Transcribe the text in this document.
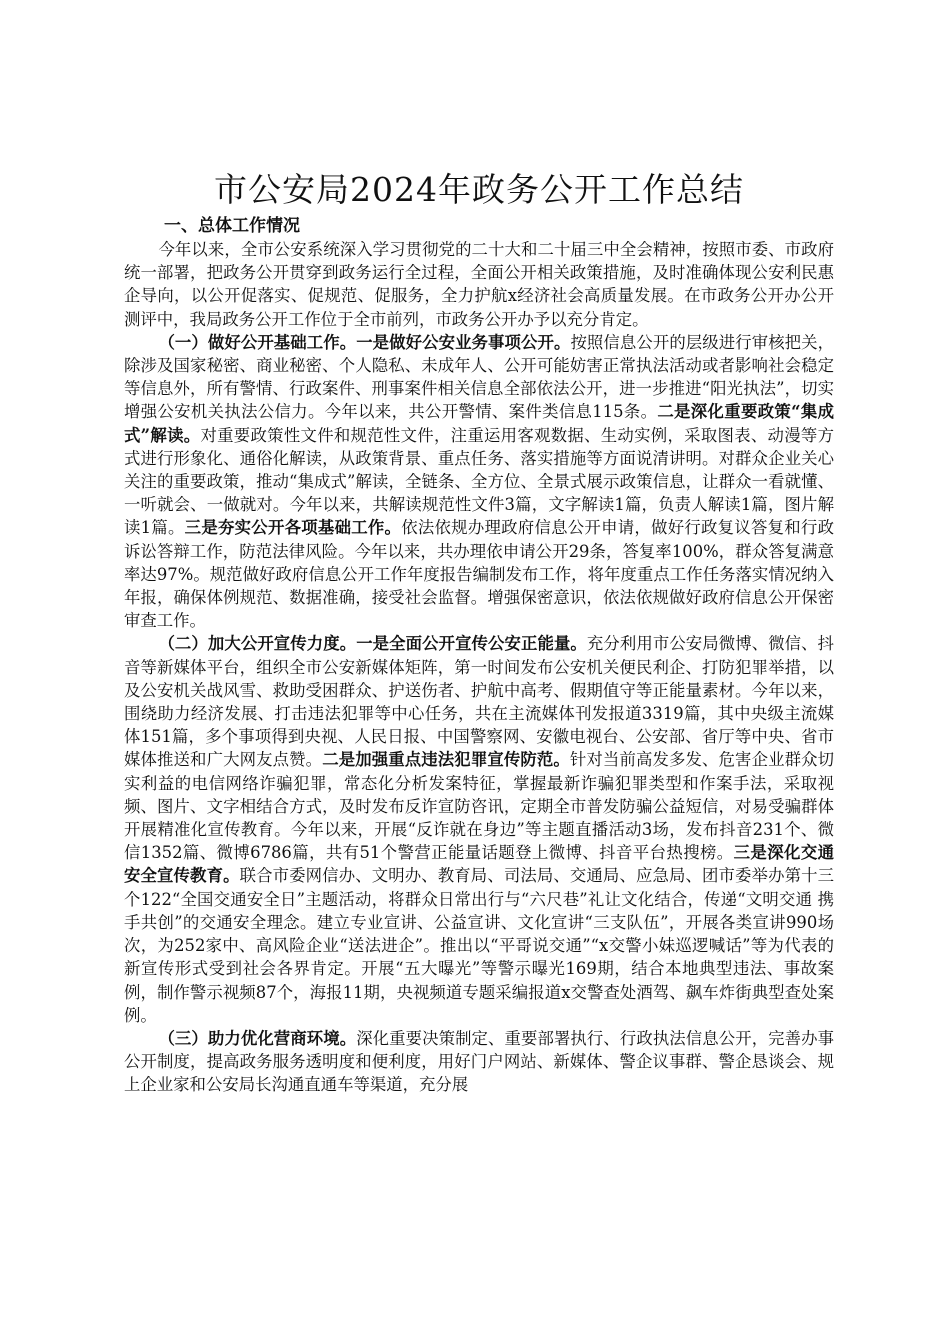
市公安局2024年政务公开工作总结
一、总体工作情况

今年以来，全市公安系统深入学习贯彻党的二十大和二十届三中全会精神，按照市委、市政府统一部署，把政务公开贯穿到政务运行全过程，全面公开相关政策措施，及时准确体现公安利民惠企导向，以公开促落实、促规范、促服务，全力护航x经济社会高质量发展。在市政务公开办公开测评中，我局政务公开工作位于全市前列，市政务公开办予以充分肯定。

（一）做好公开基础工作。一是做好公安业务事项公开。按照信息公开的层级进行审核把关，除涉及国家秘密、商业秘密、个人隐私、未成年人、公开可能妨害正常执法活动或者影响社会稳定等信息外，所有警情、行政案件、刑事案件相关信息全部依法公开，进一步推进“阳光执法”，切实增强公安机关执法公信力。今年以来，共公开警情、案件类信息115条。二是深化重要政策“集成式”解读。对重要政策性文件和规范性文件，注重运用客观数据、生动实例，采取图表、动漫等方式进行形象化、通俗化解读，从政策背景、重点任务、落实措施等方面说清讲明。对群众企业关心关注的重要政策，推动“集成式”解读，全链条、全方位、全景式展示政策信息，让群众一看就懂、一听就会、一做就对。今年以来，共解读规范性文件3篇，文字解读1篇，负责人解读1篇，图片解读1篇。三是夯实公开各项基础工作。依法依规办理政府信息公开申请，做好行政复议答复和行政诉讼答辩工作，防范法律风险。今年以来，共办理依申请公开29条，答复率100%，群众答复满意率达97%。规范做好政府信息公开工作年度报告编制发布工作，将年度重点工作任务落实情况纳入年报，确保体例规范、数据准确，接受社会监督。增强保密意识，依法依规做好政府信息公开保密审查工作。

（二）加大公开宣传力度。一是全面公开宣传公安正能量。充分利用市公安局微博、微信、抖音等新媒体平台，组织全市公安新媒体矩阵，第一时间发布公安机关便民利企、打防犯罪举措，以及公安机关战风雪、救助受困群众、护送伤者、护航中高考、假期值守等正能量素材。今年以来，围绕助力经济发展、打击违法犯罪等中心任务，共在主流媒体刊发报道3319篇，其中央级主流媒体151篇，多个事项得到央视、人民日报、中国警察网、安徽电视台、公安部、省厅等中央、省市媒体推送和广大网友点赞。二是加强重点违法犯罪宣传防范。针对当前高发多发、危害企业群众切实利益的电信网络诈骗犯罪，常态化分析发案特征，掌握最新诈骗犯罪类型和作案手法，采取视频、图片、文字相结合方式，及时发布反诈宣防咨讯，定期全市普发防骗公益短信，对易受骗群体开展精准化宣传教育。今年以来，开展“反诈就在身边”等主题直播活动3场，发布抖音231个、微信1352篇、微博6786篇，共有51个警营正能量话题登上微博、抖音平台热搜榜。三是深化交通安全宣传教育。联合市委网信办、文明办、教育局、司法局、交通局、应急局、团市委举办第十三个122“全国交通安全日”主题活动，将群众日常出行与“六尺巷”礼让文化结合，传递“文明交通 携手共创”的交通安全理念。建立专业宣讲、公益宣讲、文化宣讲“三支队伍”，开展各类宣讲990场次，为252家中、高风险企业“送法进企”。推出以“平哥说交通”“x交警小妹巡逻喊话”等为代表的新宣传形式受到社会各界肯定。开展“五大曝光”等警示曝光169期，结合本地典型违法、事故案例，制作警示视频87个，海报11期，央视频道专题采编报道x交警查处酒驾、飙车炸街典型查处案例。

（三）助力优化营商环境。深化重要决策制定、重要部署执行、行政执法信息公开，完善办事公开制度，提高政务服务透明度和便利度，用好门户网站、新媒体、警企议事群、警企恳谈会、规上企业家和公安局长沟通直通车等渠道，充分展
